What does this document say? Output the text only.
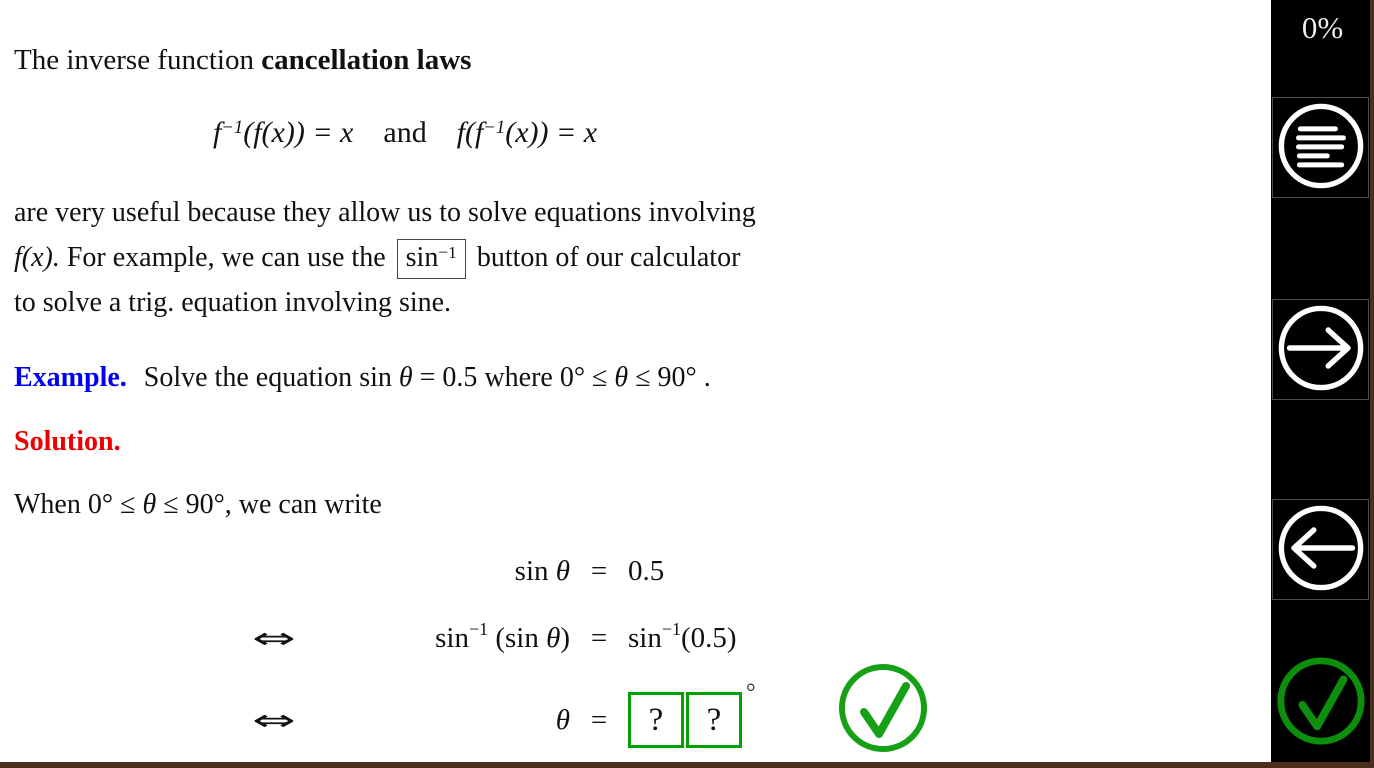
The inverse function cancellation laws
$f^{-1}(f(x)) = x$ and $f(f^{-1}(x)) = x$
are very useful because they allow us to solve equations involving
f(x). For example, we can use the $\sin^{-1}$ button of our calculator
to solve a trig. equation involving sine.
Example. Solve the equation sin θ = 0.5 where 0° ≤ θ ≤ 90° .
Solution.
When 0° ≤ θ ≤ 90°, we can write
sin
θ = 0.5
⇔	sin −1
(sin
θ ) = sin −1 (0.5)
⇔	θ =	?	?
°
0%
